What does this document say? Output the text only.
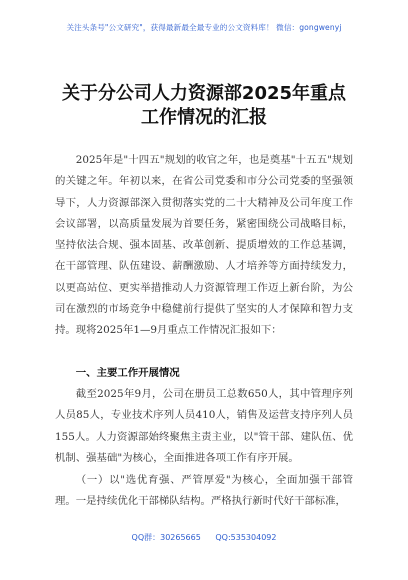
关注头条号"公文研究"，获得最新最全最专业的公文资料库！ 微信：gongwenyj
关于分公司人力资源部2025年重点
工作情况的汇报
2025年是"十四五"规划的收官之年，也是奠基"十五五"规划的关键之年。年初以来，在省公司党委和市分公司党委的坚强领导下，人力资源部深入贯彻落实党的二十大精神及公司年度工作会议部署，以高质量发展为首要任务，紧密围绕公司战略目标，坚持依法合规、强本固基、改革创新、提质增效的工作总基调，在干部管理、队伍建设、薪酬激励、人才培养等方面持续发力，以更高站位、更实举措推动人力资源管理工作迈上新台阶，为公司在激烈的市场竞争中稳健前行提供了坚实的人才保障和智力支持。现将2025年1—9月重点工作情况汇报如下：
一、主要工作开展情况
截至2025年9月，公司在册员工总数650人，其中管理序列人员85人，专业技术序列人员410人，销售及运营支持序列人员155人。人力资源部始终聚焦主责主业，以"管干部、建队伍、优机制、强基础"为核心，全面推进各项工作有序开展。
（一）以"选优育强、严管厚爱"为核心，全面加强干部管理。一是持续优化干部梯队结构。严格执行新时代好干部标准，
QQ群：30265665 QQ:535304092
